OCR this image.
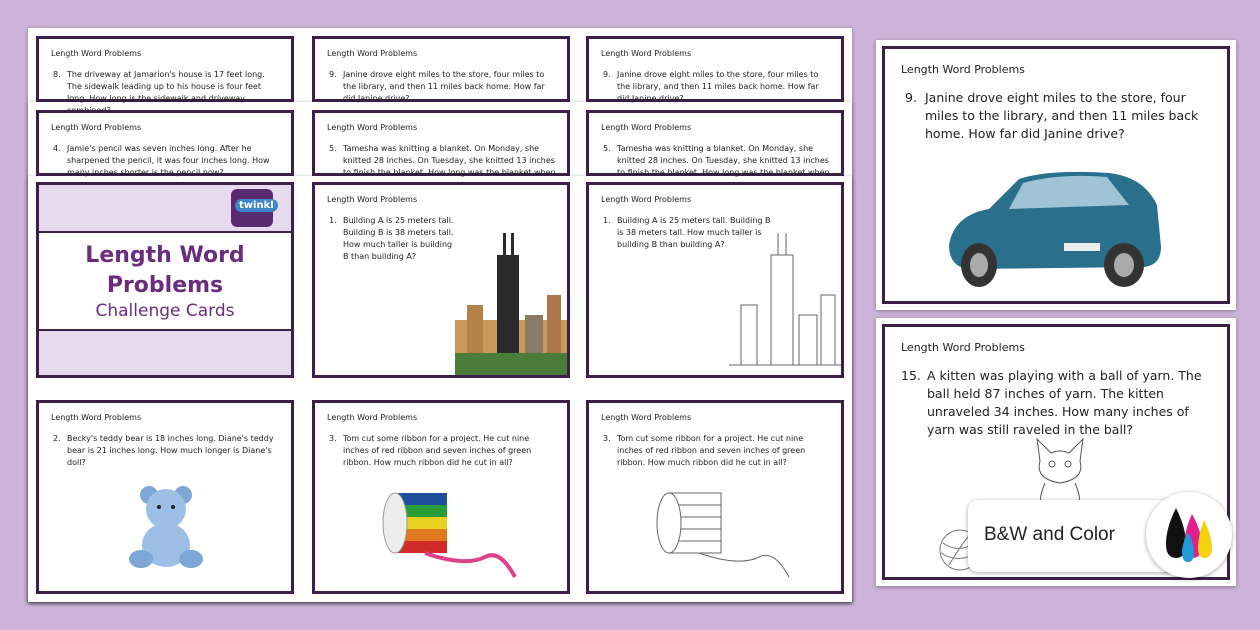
Length Word Problems
8. The driveway at Jamarion's house is 17 feet long. The sidewalk leading up to his house is four feet long. How long is the sidewalk and driveway
Length Word Problems
9. Janine drove eight miles to the store, four miles to the library, and then 11 miles back home. How far did Janine drive?
Length Word Problems
9. Janine drove eight miles to the store, four miles to the library, and then 11 miles back home. How far did Janine drive?
Length Word Problems
4. Jamie's pencil was seven inches long. After he sharpened the pencil, it was four inches long. How many inches shorter is the pencil now?
Length Word Problems
5. Tamesha was knitting a blanket. On Monday, she knitted 28 inches. On Tuesday, she knitted 13 inches to finish the blanket. How long was the blanket when
Length Word Problems
5. Tamesha was knitting a blanket. On Monday, she knitted 28 inches. On Tuesday, she knitted 13 inches to finish the blanket. How long was the blanket when
twinkl
Length Word
Problems
Challenge Cards
Length Word Problems
1. Building A is 25 meters tall. Building B is 38 meters tall. How much taller is building B than building A?
Length Word Problems
1. Building A is 25 meters tall. Building B is 38 meters tall. How much taller is building B than building A?
Length Word Problems
2. Becky's teddy bear is 18 inches long. Diane's teddy bear is 21 inches long. How much longer is Diane's doll?
Length Word Problems
3. Tom cut some ribbon for a project. He cut nine inches of red ribbon and seven inches of green ribbon. How much ribbon did he cut in all?
Length Word Problems
3. Tom cut some ribbon for a project. He cut nine inches of red ribbon and seven inches of green ribbon. How much ribbon did he cut in all?
Length Word Problems
9. Janine drove eight miles to the store, four miles to the library, and then 11 miles back home. How far did Janine drive?
Length Word Problems
15. A kitten was playing with a ball of yarn. The ball held 87 inches of yarn. The kitten unraveled 34 inches. How many inches of yarn was still raveled in the ball?
B&W and Color
